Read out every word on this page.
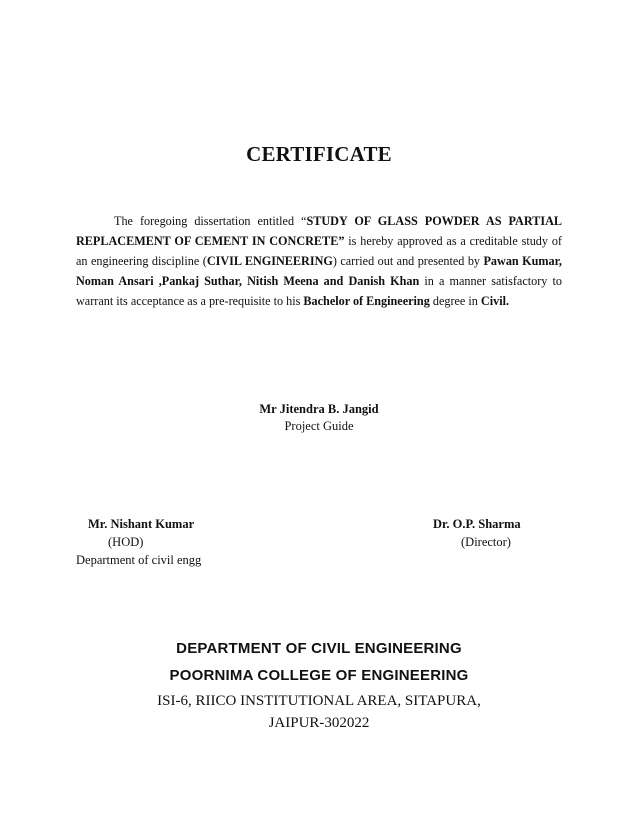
CERTIFICATE
The foregoing dissertation entitled “STUDY OF GLASS POWDER AS PARTIAL REPLACEMENT OF CEMENT IN CONCRETE” is hereby approved as a creditable study of an engineering discipline (CIVIL ENGINEERING) carried out and presented by Pawan Kumar, Noman Ansari ,Pankaj Suthar, Nitish Meena and Danish Khan in a manner satisfactory to warrant its acceptance as a pre-requisite to his Bachelor of Engineering degree in Civil.
Mr Jitendra B. Jangid
Project Guide
Mr. Nishant Kumar
(HOD)
Department of civil engg
Dr. O.P. Sharma
(Director)
DEPARTMENT OF CIVIL ENGINEERING
POORNIMA COLLEGE OF ENGINEERING
ISI-6, RIICO INSTITUTIONAL AREA, SITAPURA,
JAIPUR-302022
